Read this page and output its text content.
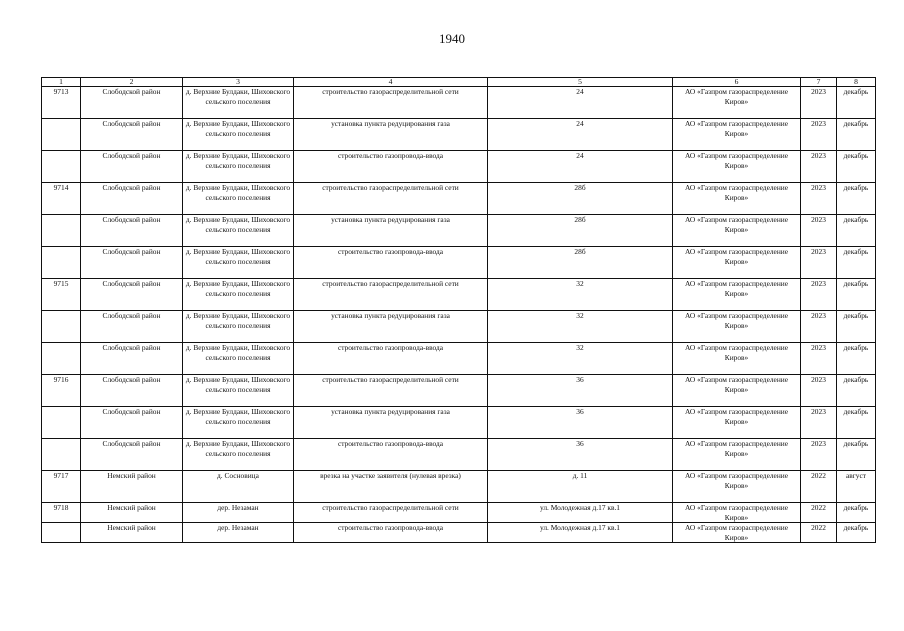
1940
1	2	3	4	5	6	7	8
9713	Слободской район	д. Верхние Булдаки, Шиховского сельского поселения	строительство газораспределительной сети	24	АО «Газпром газораспределение Киров»	2023	декабрь
	Слободской район	д. Верхние Булдаки, Шиховского сельского поселения	установка пункта редуцирования газа	24	АО «Газпром газораспределение Киров»	2023	декабрь
	Слободской район	д. Верхние Булдаки, Шиховского сельского поселения	строительство газопровода-ввода	24	АО «Газпром газораспределение Киров»	2023	декабрь
9714	Слободской район	д. Верхние Булдаки, Шиховского сельского поселения	строительство газораспределительной сети	28б	АО «Газпром газораспределение Киров»	2023	декабрь
	Слободской район	д. Верхние Булдаки, Шиховского сельского поселения	установка пункта редуцирования газа	28б	АО «Газпром газораспределение Киров»	2023	декабрь
	Слободской район	д. Верхние Булдаки, Шиховского сельского поселения	строительство газопровода-ввода	28б	АО «Газпром газораспределение Киров»	2023	декабрь
9715	Слободской район	д. Верхние Булдаки, Шиховского сельского поселения	строительство газораспределительной сети	32	АО «Газпром газораспределение Киров»	2023	декабрь
	Слободской район	д. Верхние Булдаки, Шиховского сельского поселения	установка пункта редуцирования газа	32	АО «Газпром газораспределение Киров»	2023	декабрь
	Слободской район	д. Верхние Булдаки, Шиховского сельского поселения	строительство газопровода-ввода	32	АО «Газпром газораспределение Киров»	2023	декабрь
9716	Слободской район	д. Верхние Булдаки, Шиховского сельского поселения	строительство газораспределительной сети	36	АО «Газпром газораспределение Киров»	2023	декабрь
	Слободской район	д. Верхние Булдаки, Шиховского сельского поселения	установка пункта редуцирования газа	36	АО «Газпром газораспределение Киров»	2023	декабрь
	Слободской район	д. Верхние Булдаки, Шиховского сельского поселения	строительство газопровода-ввода	36	АО «Газпром газораспределение Киров»	2023	декабрь
9717	Немский район	д. Сосновица	врезка на участке заявителя (нулевая врезка)	д. 11	АО «Газпром газораспределение Киров»	2022	август
9718	Немский район	дер. Незаман	строительство газораспределительной сети	ул. Молодежная д.17 кв.1	АО «Газпром газораспределение Киров»	2022	декабрь
	Немский район	дер. Незаман	строительство газопровода-ввода	ул. Молодежная д.17 кв.1	АО «Газпром газораспределение Киров»	2022	декабрь
